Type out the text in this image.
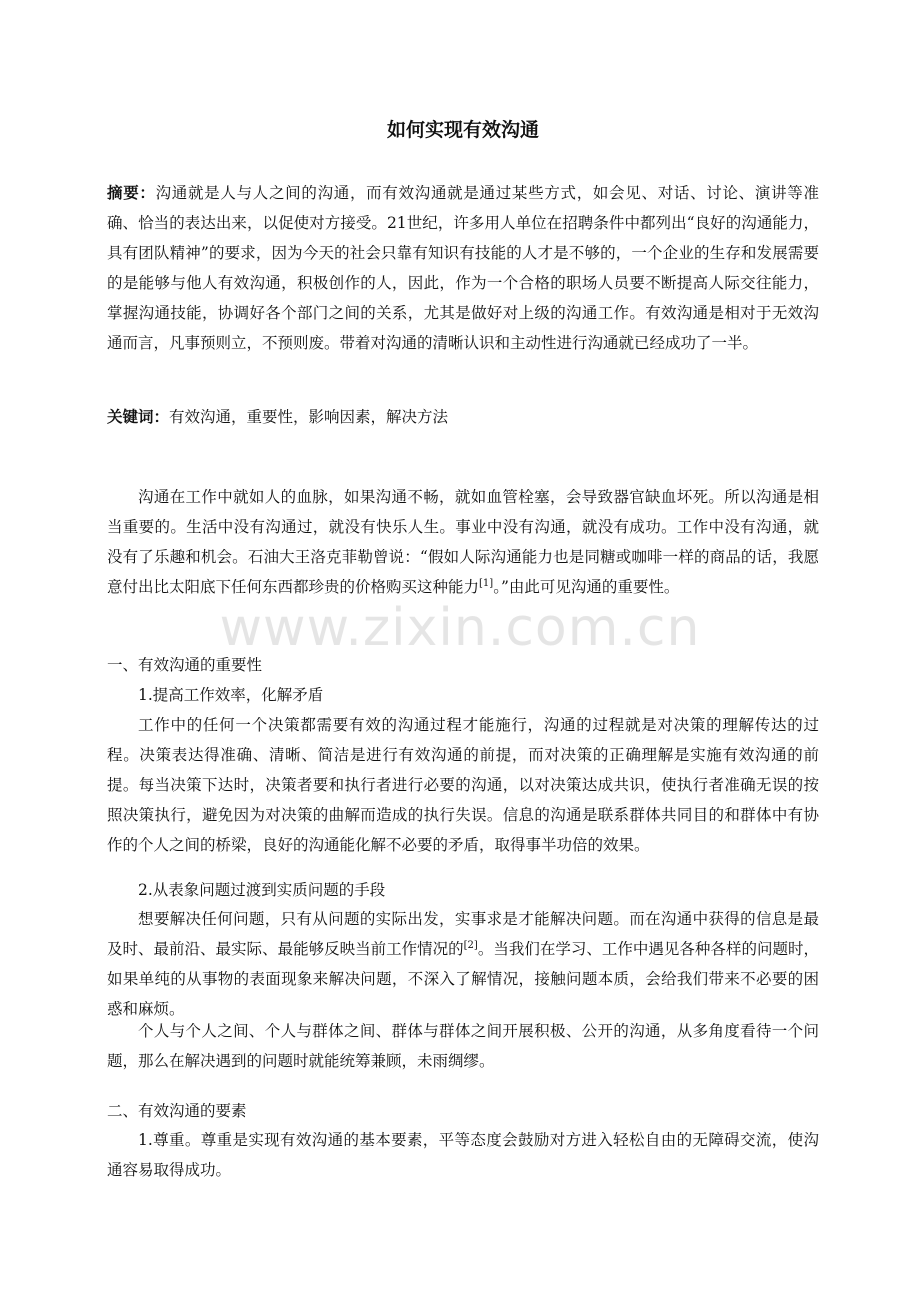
如何实现有效沟通

摘要：沟通就是人与人之间的沟通，而有效沟通就是通过某些方式，如会见、对话、讨论、演讲等准确、恰当的表达出来，以促使对方接受。21世纪，许多用人单位在招聘条件中都列出“良好的沟通能力，具有团队精神”的要求，因为今天的社会只靠有知识有技能的人才是不够的，一个企业的生存和发展需要的是能够与他人有效沟通，积极创作的人，因此，作为一个合格的职场人员要不断提高人际交往能力，掌握沟通技能，协调好各个部门之间的关系，尤其是做好对上级的沟通工作。有效沟通是相对于无效沟通而言，凡事预则立，不预则废。带着对沟通的清晰认识和主动性进行沟通就已经成功了一半。

关键词：有效沟通，重要性，影响因素，解决方法

沟通在工作中就如人的血脉，如果沟通不畅，就如血管栓塞，会导致器官缺血坏死。所以沟通是相当重要的。生活中没有沟通过，就没有快乐人生。事业中没有沟通，就没有成功。工作中没有沟通，就没有了乐趣和机会。石油大王洛克菲勒曾说：“假如人际沟通能力也是同糖或咖啡一样的商品的话，我愿意付出比太阳底下任何东西都珍贵的价格购买这种能力[1]。”由此可见沟通的重要性。

一、有效沟通的重要性

1.提高工作效率，化解矛盾

工作中的任何一个决策都需要有效的沟通过程才能施行，沟通的过程就是对决策的理解传达的过程。决策表达得准确、清晰、简洁是进行有效沟通的前提，而对决策的正确理解是实施有效沟通的前提。每当决策下达时，决策者要和执行者进行必要的沟通，以对决策达成共识，使执行者准确无误的按照决策执行，避免因为对决策的曲解而造成的执行失误。信息的沟通是联系群体共同目的和群体中有协作的个人之间的桥梁，良好的沟通能化解不必要的矛盾，取得事半功倍的效果。

2.从表象问题过渡到实质问题的手段

想要解决任何问题，只有从问题的实际出发，实事求是才能解决问题。而在沟通中获得的信息是最及时、最前沿、最实际、最能够反映当前工作情况的[2]。当我们在学习、工作中遇见各种各样的问题时，如果单纯的从事物的表面现象来解决问题，不深入了解情况，接触问题本质，会给我们带来不必要的困惑和麻烦。

个人与个人之间、个人与群体之间、群体与群体之间开展积极、公开的沟通，从多角度看待一个问题，那么在解决遇到的问题时就能统筹兼顾，未雨绸缪。

二、有效沟通的要素

1.尊重。尊重是实现有效沟通的基本要素，平等态度会鼓励对方进入轻松自由的无障碍交流，使沟通容易取得成功。

www.zixin.com.cn
